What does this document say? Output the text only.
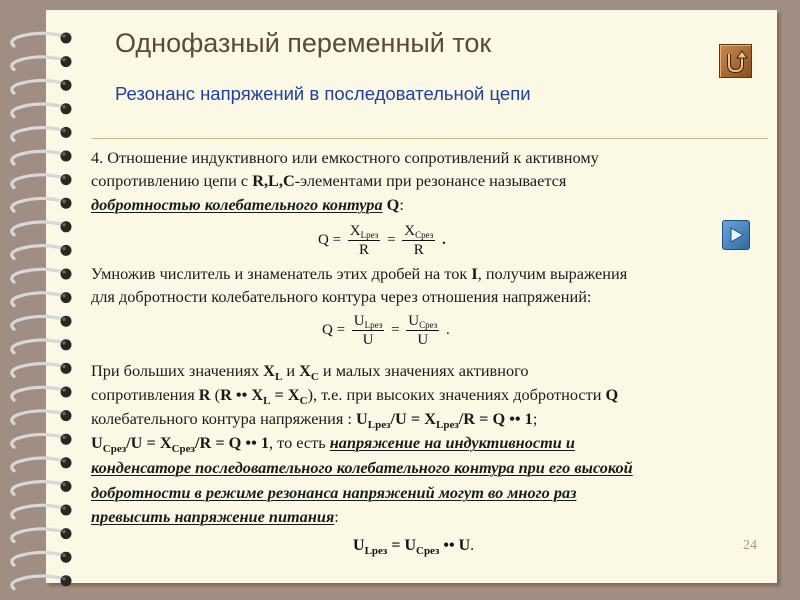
Однофазный переменный ток
Резонанс напряжений в последовательной цепи
4. Отношение индуктивного или емкостного сопротивлений к активному
сопротивлению цепи с R,L,C-элементами при резонансе называется
добротностью колебательного контура Q:
$Q = \frac{X_{Lрез}}{R} = \frac{X_{Cрез}}{R}$ .
Умножив числитель и знаменатель этих дробей на ток I, получим выражения
для добротности колебательного контура через отношения напряжений:
$Q = \frac{U_{Lрез}}{U} = \frac{U_{Cрез}}{U}$ .
При больших значениях $X_L$ и $X_C$ и малых значениях активного
сопротивления R (R •• $X_L = X_C$), т.е. при высоких значениях добротности Q
колебательного контура напряжения : $U_{Lрез}/U = X_{Lрез}/R = Q$ •• 1;
$U_{Cрез}/U = X_{Cрез}/R = Q$ •• 1, то есть напряжение на индуктивности и
конденсаторе последовательного колебательного контура при его высокой
добротности в режиме резонанса напряжений могут во много раз
превысить напряжение питания:
$U_{Lрез} = U_{Cрез}$ •• U.	24
